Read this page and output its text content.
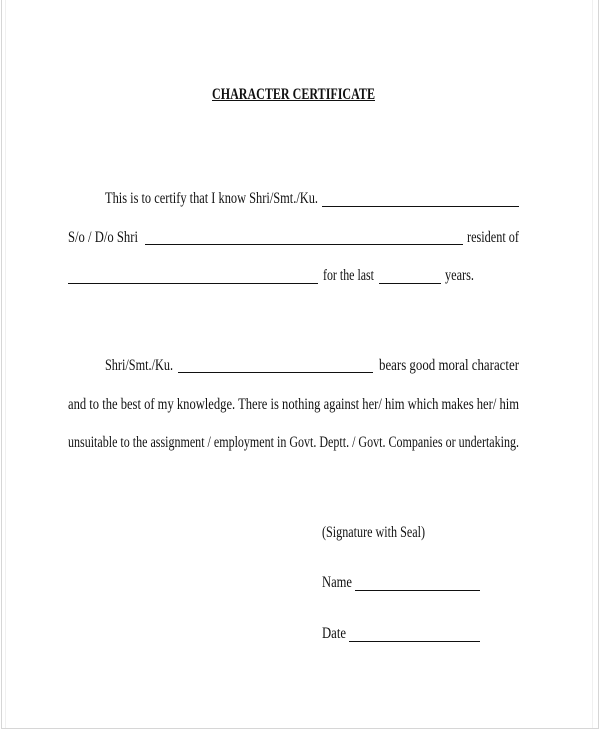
CHARACTER CERTIFICATE
This is to certify that I know Shri/Smt./Ku.
S/o / D/o Shri	resident of
for the last	years.
Shri/Smt./Ku.	bears good moral character
and to the best of my knowledge. There is nothing against her/ him which makes her/ him
unsuitable to the assignment / employment in Govt. Deptt. / Govt. Companies or undertaking.
(Signature with Seal)
Name
Date
